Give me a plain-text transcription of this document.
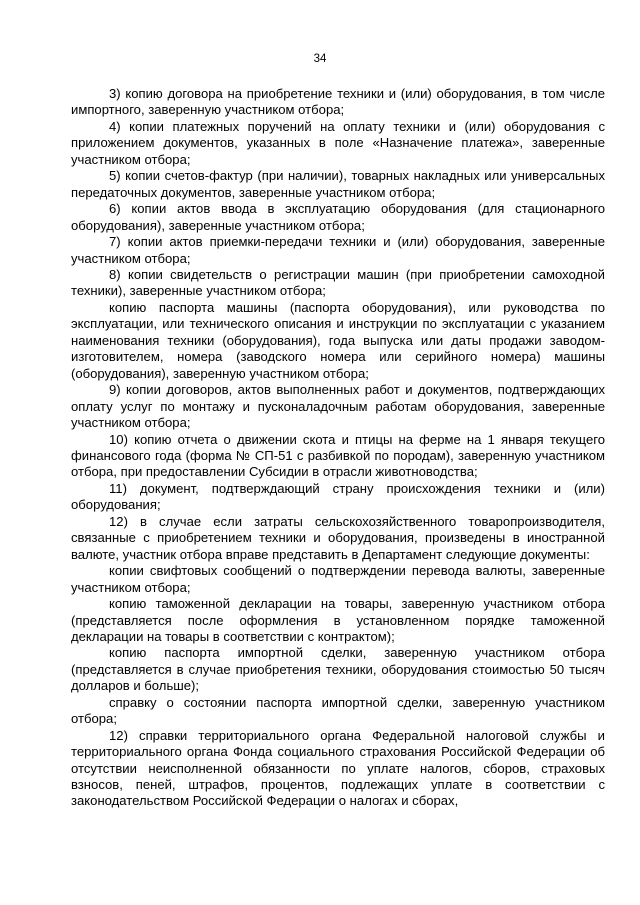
34

3) копию договора на приобретение техники и (или) оборудования, в том числе импортного, заверенную участником отбора;

4) копии платежных поручений на оплату техники и (или) оборудования с приложением документов, указанных в поле «Назначение платежа», заверенные участником отбора;

5) копии счетов-фактур (при наличии), товарных накладных или универсальных передаточных документов, заверенные участником отбора;

6) копии актов ввода в эксплуатацию оборудования (для стационарного оборудования), заверенные участником отбора;

7) копии актов приемки-передачи техники и (или) оборудования, заверенные участником отбора;

8) копии свидетельств о регистрации машин (при приобретении самоходной техники), заверенные участником отбора;

копию паспорта машины (паспорта оборудования), или руководства по эксплуатации, или технического описания и инструкции по эксплуатации с указанием наименования техники (оборудования), года выпуска или даты продажи заводом-изготовителем, номера (заводского номера или серийного номера) машины (оборудования), заверенную участником отбора;

9) копии договоров, актов выполненных работ и документов, подтверждающих оплату услуг по монтажу и пусконаладочным работам оборудования, заверенные участником отбора;

10) копию отчета о движении скота и птицы на ферме на 1 января текущего финансового года (форма № СП-51 с разбивкой по породам), заверенную участником отбора, при предоставлении Субсидии в отрасли животноводства;

11) документ, подтверждающий страну происхождения техники и (или) оборудования;

12) в случае если затраты сельскохозяйственного товаропроизводителя, связанные с приобретением техники и оборудования, произведены в иностранной валюте, участник отбора вправе представить в Департамент следующие документы:

копии свифтовых сообщений о подтверждении перевода валюты, заверенные участником отбора;

копию таможенной декларации на товары, заверенную участником отбора (представляется после оформления в установленном порядке таможенной декларации на товары в соответствии с контрактом);

копию паспорта импортной сделки, заверенную участником отбора (представляется в случае приобретения техники, оборудования стоимостью 50 тысяч долларов и больше);

справку о состоянии паспорта импортной сделки, заверенную участником отбора;

12) справки территориального органа Федеральной налоговой службы и территориального органа Фонда социального страхования Российской Федерации об отсутствии неисполненной обязанности по уплате налогов, сборов, страховых взносов, пеней, штрафов, процентов, подлежащих уплате в соответствии с законодательством Российской Федерации о налогах и сборах,
